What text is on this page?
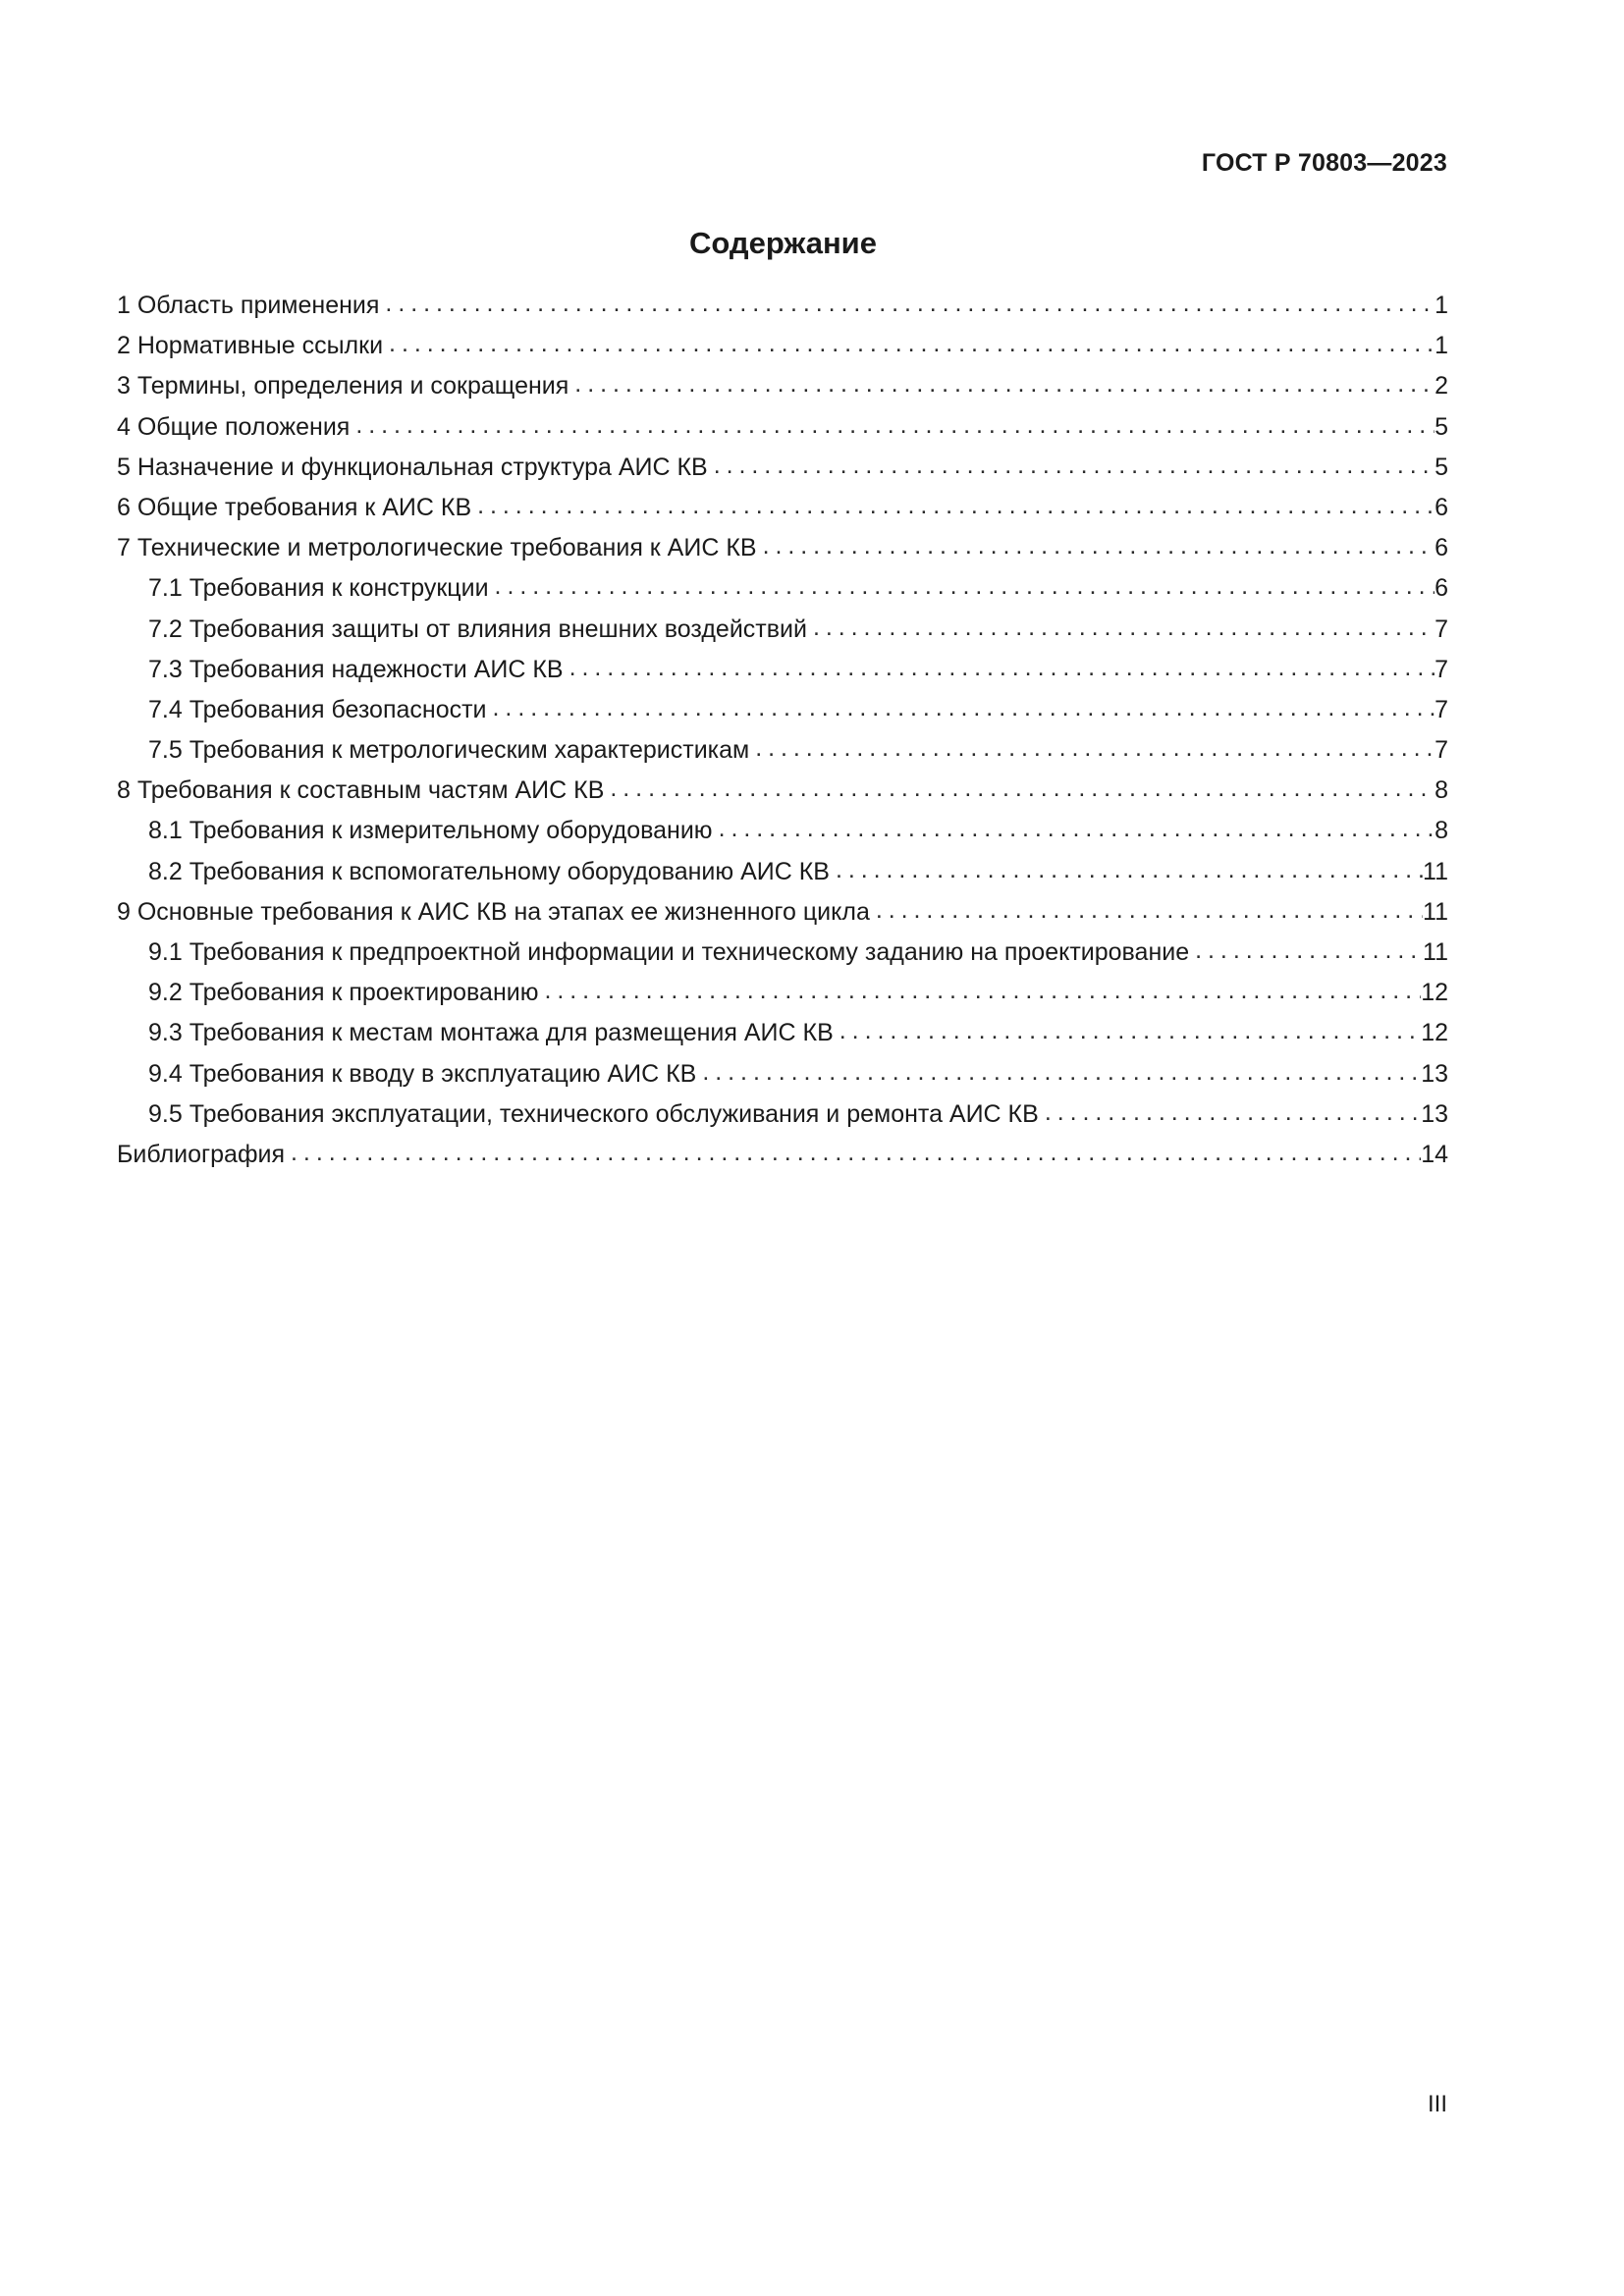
ГОСТ Р 70803—2023
Содержание
1 Область применения . . .	1
2 Нормативные ссылки . . .	1
3 Термины, определения и сокращения . . .	2
4 Общие положения . . .	5
5 Назначение и функциональная структура АИС КВ . . .	5
6 Общие требования к АИС КВ . . .	6
7 Технические и метрологические требования к АИС КВ . . .	6
7.1 Требования к конструкции . . .	6
7.2 Требования защиты от влияния внешних воздействий . . .	7
7.3 Требования надежности АИС КВ . . .	7
7.4 Требования безопасности . . .	7
7.5 Требования к метрологическим характеристикам . . .	7
8 Требования к составным частям АИС КВ . . .	8
8.1 Требования к измерительному оборудованию . . .	8
8.2 Требования к вспомогательному оборудованию АИС КВ . . .	11
9 Основные требования к АИС КВ на этапах ее жизненного цикла . . .	11
9.1 Требования к предпроектной информации и техническому заданию на проектирование . . .	11
9.2 Требования к проектированию . . .	12
9.3 Требования к местам монтажа для размещения АИС КВ . . .	12
9.4 Требования к вводу в эксплуатацию АИС КВ . . .	13
9.5 Требования эксплуатации, технического обслуживания и ремонта АИС КВ . . .	13
Библиография . . .	14
III
